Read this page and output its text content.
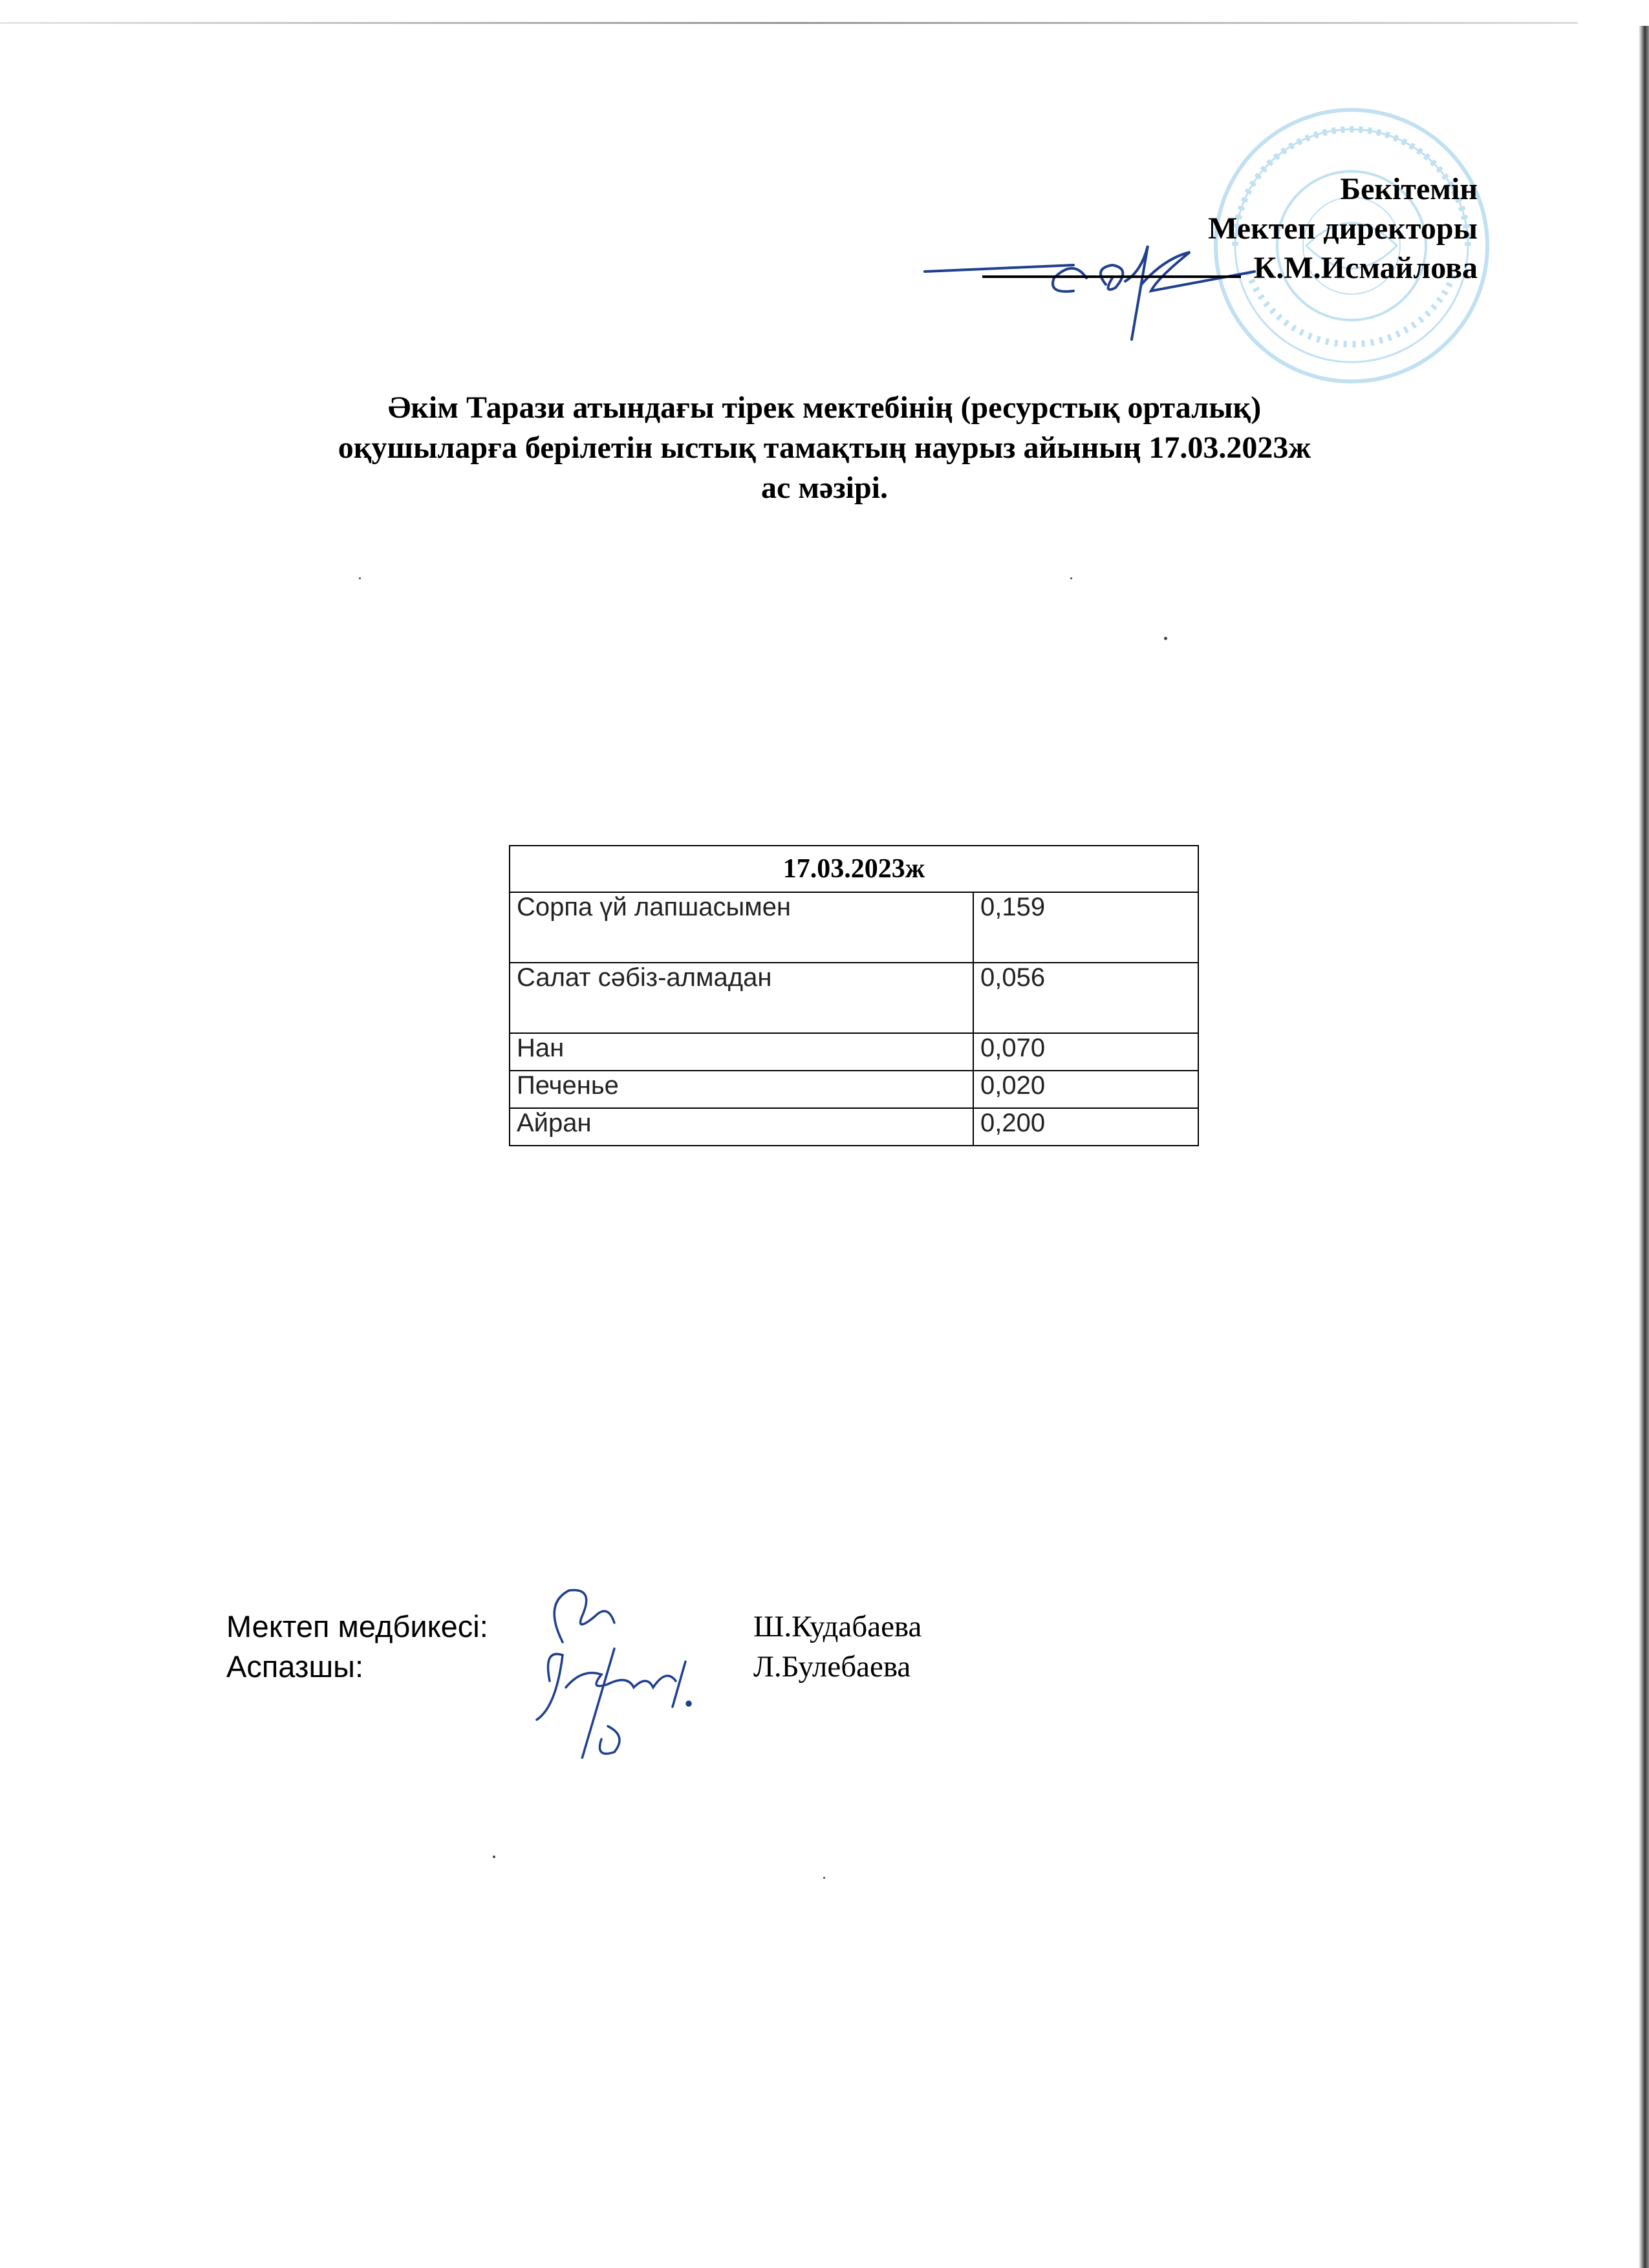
Бекітемін
Мектеп директоры
К.М.Исмайлова
Әкім Тарази атындағы тірек мектебінің (ресурстық орталық)
оқушыларға берілетін ыстық тамақтың наурыз айының 17.03.2023ж
ас мәзірі.
17.03.2023ж	
Сорпа үй лапшасымен	0,159
Салат сәбіз-алмадан	0,056
Нан	0,070
Печенье	0,020
Айран	0,200
Мектеп медбикесі:	Ш.Кудабаева
Аспазшы:	Л.Булебаева
